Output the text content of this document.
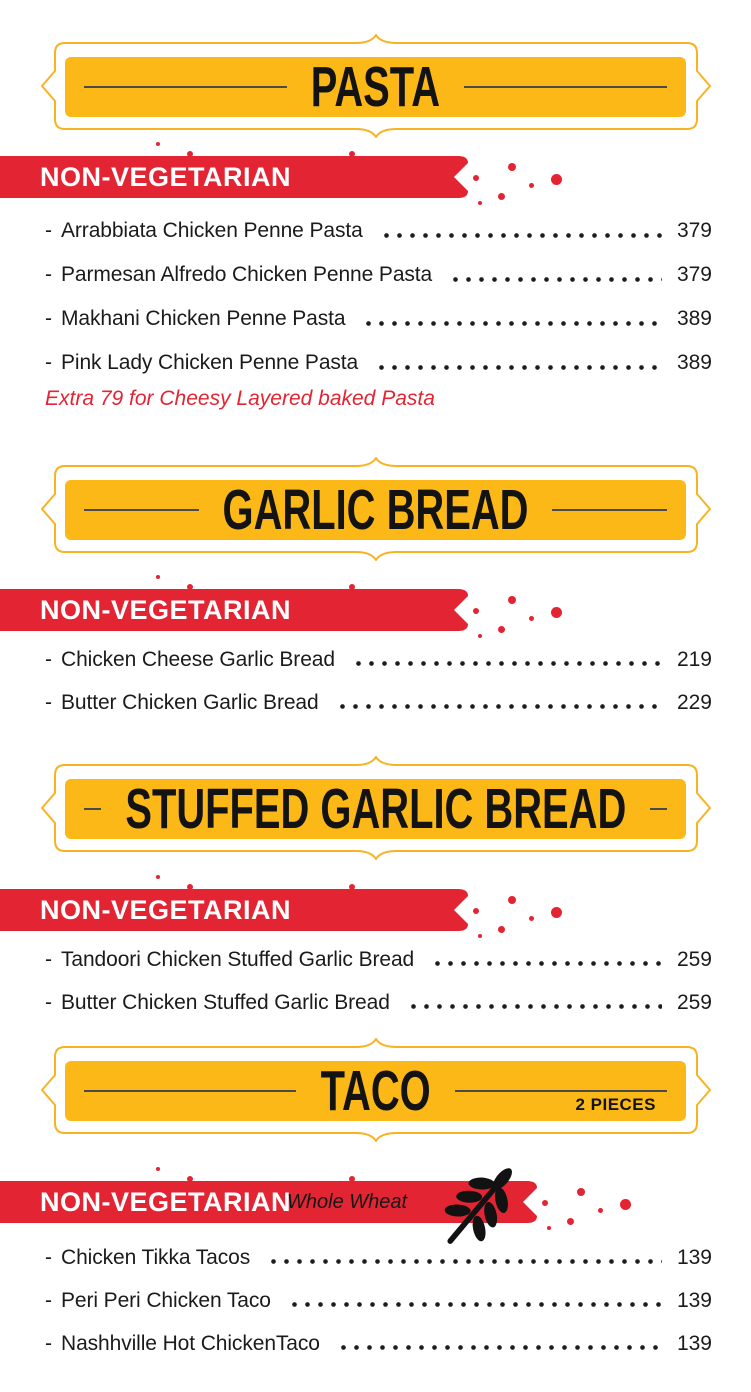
PASTA
NON-VEGETARIAN
- Arrabbiata Chicken Penne Pasta	379
- Parmesan Alfredo Chicken Penne Pasta	379
- Makhani Chicken Penne Pasta	389
- Pink Lady Chicken Penne Pasta	389

Extra 79 for Cheesy Layered baked Pasta

GARLIC BREAD
NON-VEGETARIAN
- Chicken Cheese Garlic Bread	219
- Butter Chicken Garlic Bread	229
STUFFED GARLIC BREAD
NON-VEGETARIAN
- Tandoori Chicken Stuffed Garlic Bread	259
- Butter Chicken Stuffed Garlic Bread	259
TACO	2 PIECES
NON-VEGETARIAN
Whole Wheat
- Chicken Tikka Tacos	139
- Peri Peri Chicken Taco	139
- Nashhville Hot ChickenTaco	139
